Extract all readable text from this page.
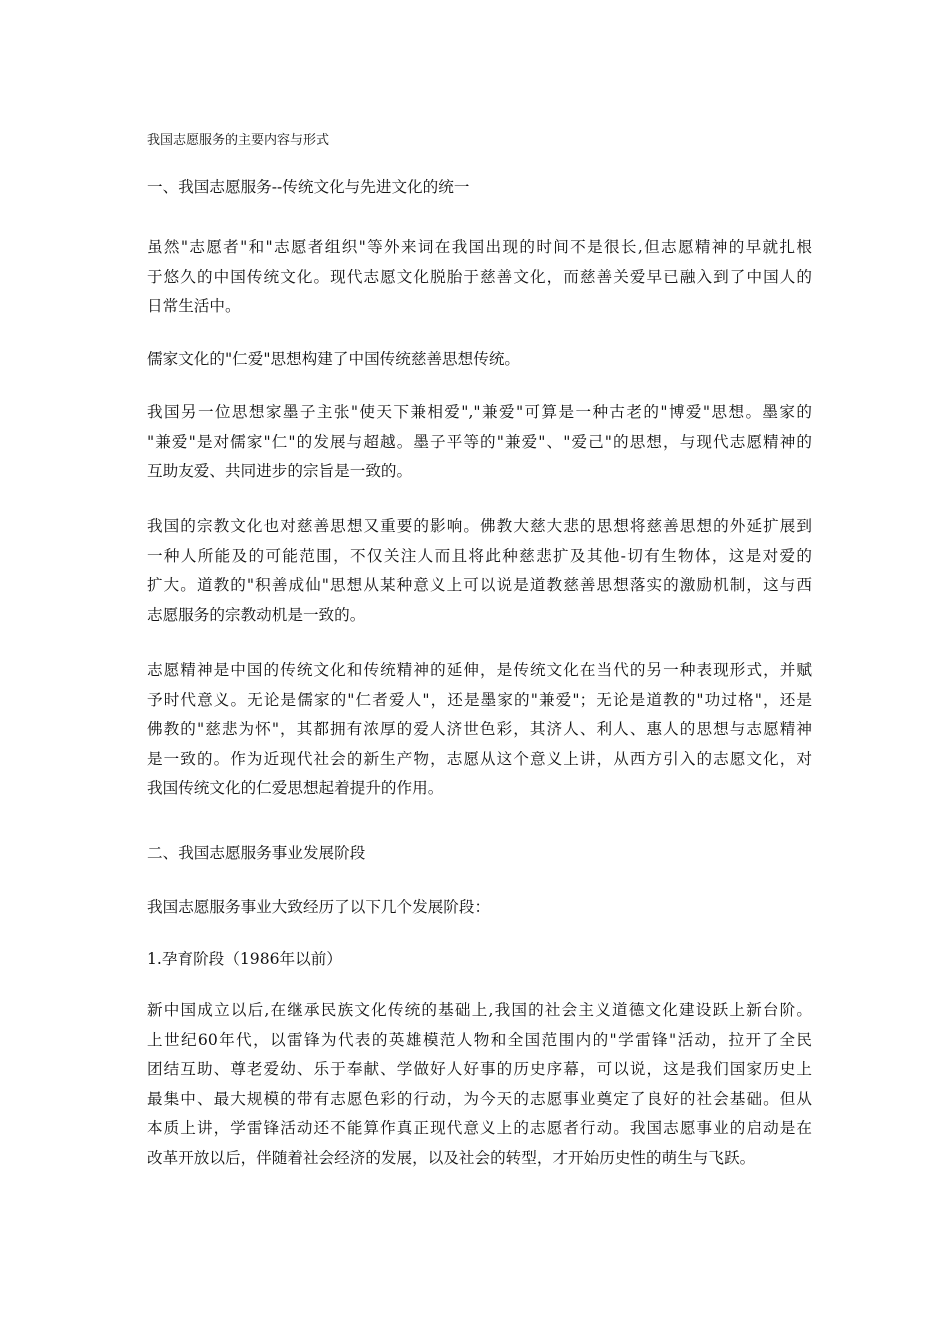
我国志愿服务的主要内容与形式
一、我国志愿服务--传统文化与先进文化的统一
虽然"志愿者"和"志愿者组织"等外来词在我国出现的时间不是很长,但志愿精神的早就扎根
于悠久的中国传统文化。现代志愿文化脱胎于慈善文化，而慈善关爱早已融入到了中国人的
日常生活中。
儒家文化的"仁爱"思想构建了中国传统慈善思想传统。
我国另一位思想家墨子主张"使天下兼相爱","兼爱"可算是一种古老的"博爱"思想。墨家的
"兼爱"是对儒家"仁"的发展与超越。墨子平等的"兼爱"、"爱己"的思想，与现代志愿精神的
互助友爱、共同进步的宗旨是一致的。
我国的宗教文化也对慈善思想又重要的影响。佛教大慈大悲的思想将慈善思想的外延扩展到
一种人所能及的可能范围，不仅关注人而且将此种慈悲扩及其他-切有生物体，这是对爱的
扩大。道教的"积善成仙"思想从某种意义上可以说是道教慈善思想落实的激励机制，这与西
志愿服务的宗教动机是一致的。
志愿精神是中国的传统文化和传统精神的延伸，是传统文化在当代的另一种表现形式，并赋
予时代意义。无论是儒家的"仁者爱人"，还是墨家的"兼爱"；无论是道教的"功过格"，还是
佛教的"慈悲为怀"，其都拥有浓厚的爱人济世色彩，其济人、利人、惠人的思想与志愿精神
是一致的。作为近现代社会的新生产物，志愿从这个意义上讲，从西方引入的志愿文化，对
我国传统文化的仁爱思想起着提升的作用。
二、我国志愿服务事业发展阶段
我国志愿服务事业大致经历了以下几个发展阶段：
1.孕育阶段（1986年以前）
新中国成立以后,在继承民族文化传统的基础上,我国的社会主义道德文化建设跃上新台阶。
上世纪60年代，以雷锋为代表的英雄模范人物和全国范围内的"学雷锋"活动，拉开了全民
团结互助、尊老爱幼、乐于奉献、学做好人好事的历史序幕，可以说，这是我们国家历史上
最集中、最大规模的带有志愿色彩的行动，为今天的志愿事业奠定了良好的社会基础。但从
本质上讲，学雷锋活动还不能算作真正现代意义上的志愿者行动。我国志愿事业的启动是在
改革开放以后，伴随着社会经济的发展，以及社会的转型，才开始历史性的萌生与飞跃。
